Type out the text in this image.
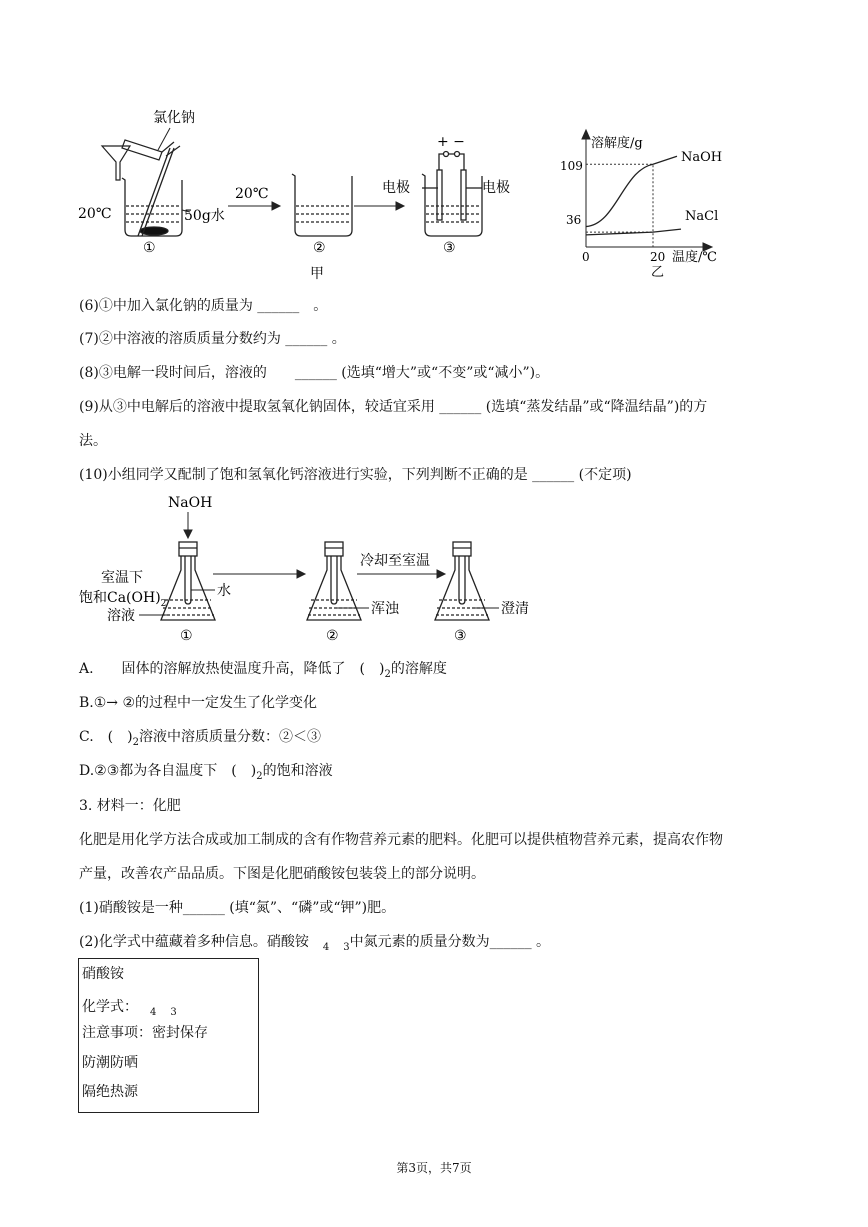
氯化钠
20℃	50g水
①
20℃
②
甲
+ −
电极	电极
③
溶解度/g
温度/℃
0	20
36
109
NaOH
NaCl
乙
(6)①中加入氯化钠的质量为 ______　。
(7)②中溶液的溶质质量分数约为 ______ 。
(8)③电解一段时间后，溶液的　　______ (选填“增大”或“不变”或“减小”)。
(9)从③中电解后的溶液中提取氢氧化钠固体，较适宜采用 ______ (选填“蒸发结晶”或“降温结晶”)的方
法。
(10)小组同学又配制了饱和氢氧化钙溶液进行实验，下列判断不正确的是 ______ (不定项)
NaOH
水
室温下
饱和$Ca(OH)_2$
溶液
①
浑浊
②
冷却至室温
澄清
③
A.　　固体的溶解放热使温度升高，降低了　(　)$_2$的溶解度
B.①→ ②的过程中一定发生了化学变化
C.　(　)$_2$溶液中溶质质量分数：②＜③
D.②③都为各自温度下　(　)$_2$的饱和溶液
3. 材料一：化肥
化肥是用化学方法合成或加工制成的含有作物营养元素的肥料。化肥可以提供植物营养元素，提高农作物
产量，改善农产品品质。下图是化肥硝酸铵包装袋上的部分说明。
(1)硝酸铵是一种______ (填“氮”、“磷”或“钾”)肥。
(2)化学式中蕴藏着多种信息。硝酸铵　$_4$ $_3$中氮元素的质量分数为______ 。
硝酸铵
化学式： $_4$ $_3$
注意事项：密封保存
防潮防晒
隔绝热源
第3页，共7页
